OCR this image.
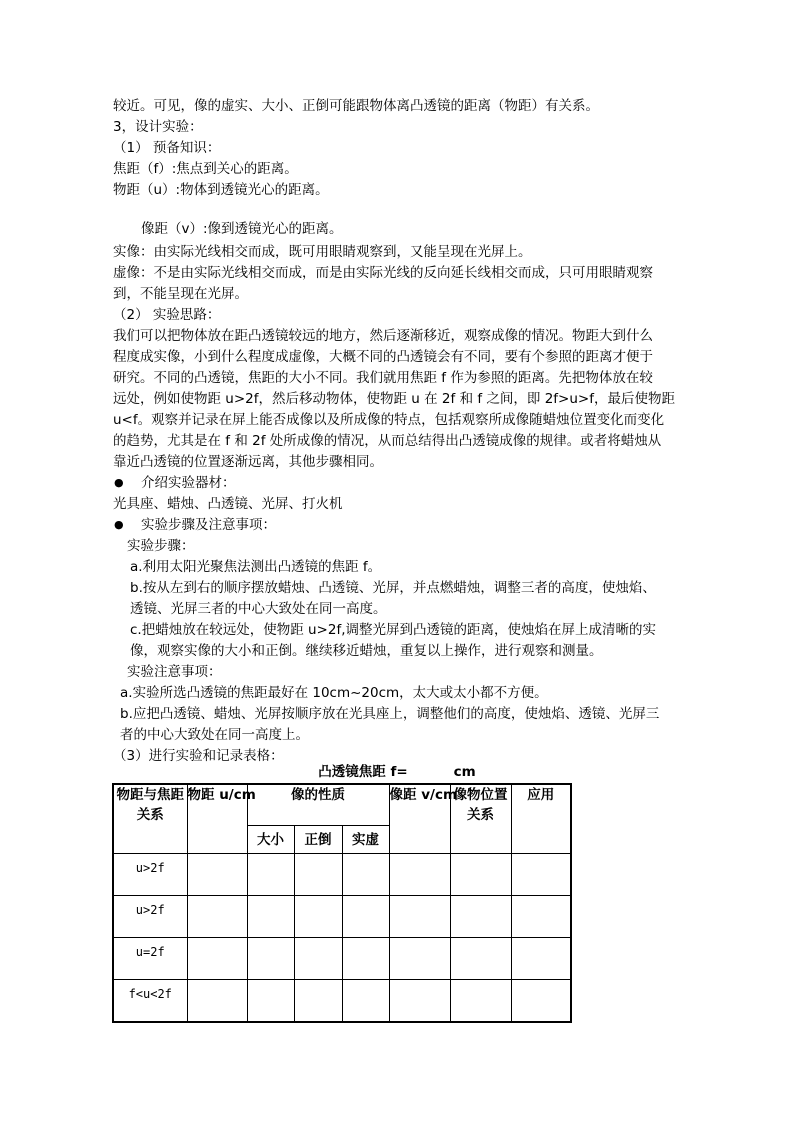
较近。可见，像的虚实、大小、正倒可能跟物体离凸透镜的距离（物距）有关系。
3，设计实验：
（1） 预备知识：
焦距（f）:焦点到关心的距离。
物距（u）:物体到透镜光心的距离。
像距（v）:像到透镜光心的距离。
实像：由实际光线相交而成，既可用眼睛观察到，又能呈现在光屏上。
虚像：不是由实际光线相交而成，而是由实际光线的反向延长线相交而成，只可用眼睛观察
到，不能呈现在光屏。
（2） 实验思路：
我们可以把物体放在距凸透镜较远的地方，然后逐渐移近，观察成像的情况。物距大到什么
程度成实像，小到什么程度成虚像，大概不同的凸透镜会有不同，要有个参照的距离才便于
研究。不同的凸透镜，焦距的大小不同。我们就用焦距 f 作为参照的距离。先把物体放在较
远处，例如使物距 u>2f，然后移动物体，使物距 u 在 2f 和 f 之间，即 2f>u>f，最后使物距
u<f。观察并记录在屏上能否成像以及所成像的特点，包括观察所成像随蜡烛位置变化而变化
的趋势，尤其是在 f 和 2f 处所成像的情况，从而总结得出凸透镜成像的规律。或者将蜡烛从
靠近凸透镜的位置逐渐远离，其他步骤相同。
● 介绍实验器材：
光具座、蜡烛、凸透镜、光屏、打火机
● 实验步骤及注意事项：
实验步骤：
a.利用太阳光聚焦法测出凸透镜的焦距 f。
b.按从左到右的顺序摆放蜡烛、凸透镜、光屏，并点燃蜡烛，调整三者的高度，使烛焰、
透镜、光屏三者的中心大致处在同一高度。
c.把蜡烛放在较远处，使物距 u>2f,调整光屏到凸透镜的距离，使烛焰在屏上成清晰的实
像，观察实像的大小和正倒。继续移近蜡烛，重复以上操作，进行观察和测量。
实验注意事项：
a.实验所选凸透镜的焦距最好在 10cm~20cm，太大或太小都不方便。
b.应把凸透镜、蜡烛、光屏按顺序放在光具座上，调整他们的高度，使烛焰、透镜、光屏三
者的中心大致处在同一高度上。
（3）进行实验和记录表格：
凸透镜焦距 f=	cm
物距与焦距关系	物距 u/cm	像的性质			像距 v/cm	像物位置关系	应用
		大小	正倒	实虚			
u>2f							
u>2f							
u=2f							
f<u<2f							
